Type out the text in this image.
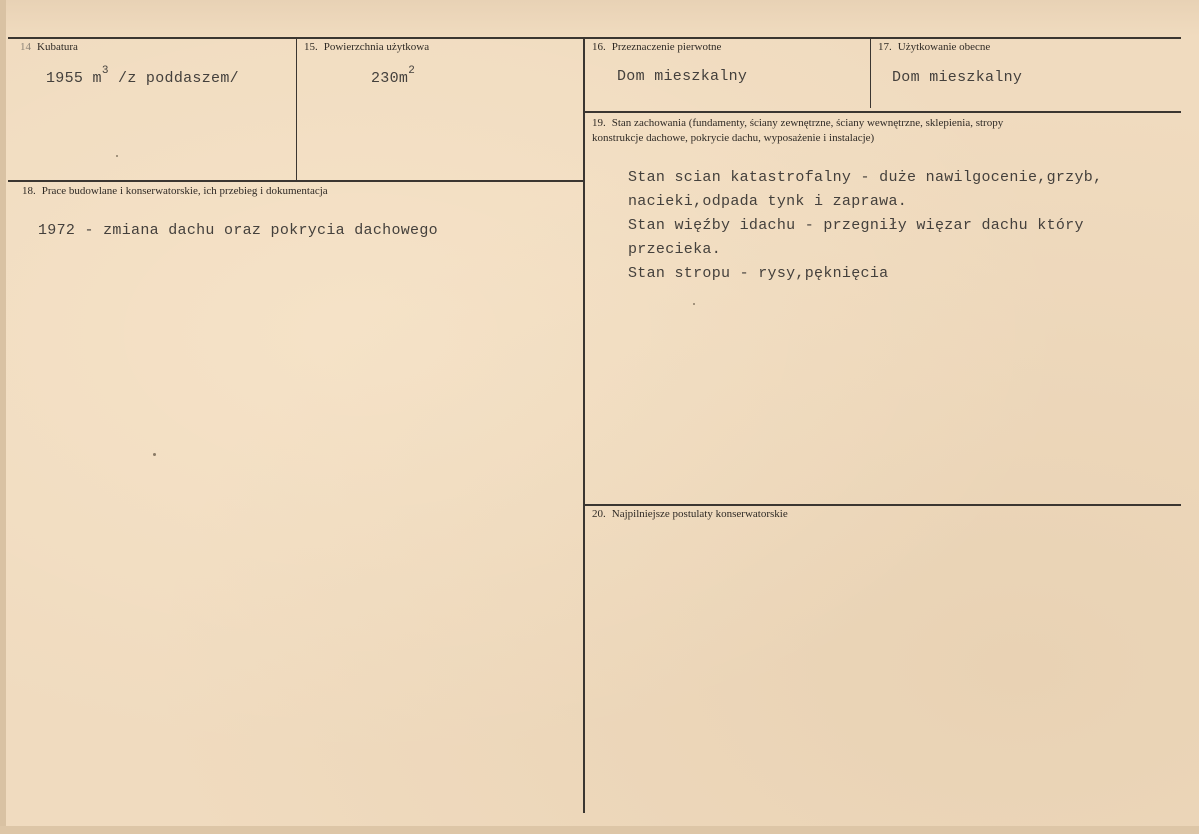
14 Kubatura
1955 $m^3$ /z poddaszem/
15. Powierzchnia użytkowa
$230m^2$
16. Przeznaczenie pierwotne
Dom mieszkalny
17. Użytkowanie obecne
Dom mieszkalny
19. Stan zachowania (fundamenty, ściany zewnętrzne, ściany wewnętrzne, sklepienia, stropy
konstrukcje dachowe, pokrycie dachu, wyposażenie i instalacje)
Stan scian katastrofalny - duże nawilgocenie,grzyb,
nacieki,odpada tynk i zaprawa.
Stan więźby idachu - przegniły więzar dachu który
przecieka.
Stan stropu - rysy,pęknięcia
18. Prace budowlane i konserwatorskie, ich przebieg i dokumentacja
1972 - zmiana dachu oraz pokrycia dachowego
20. Najpilniejsze postulaty konserwatorskie
